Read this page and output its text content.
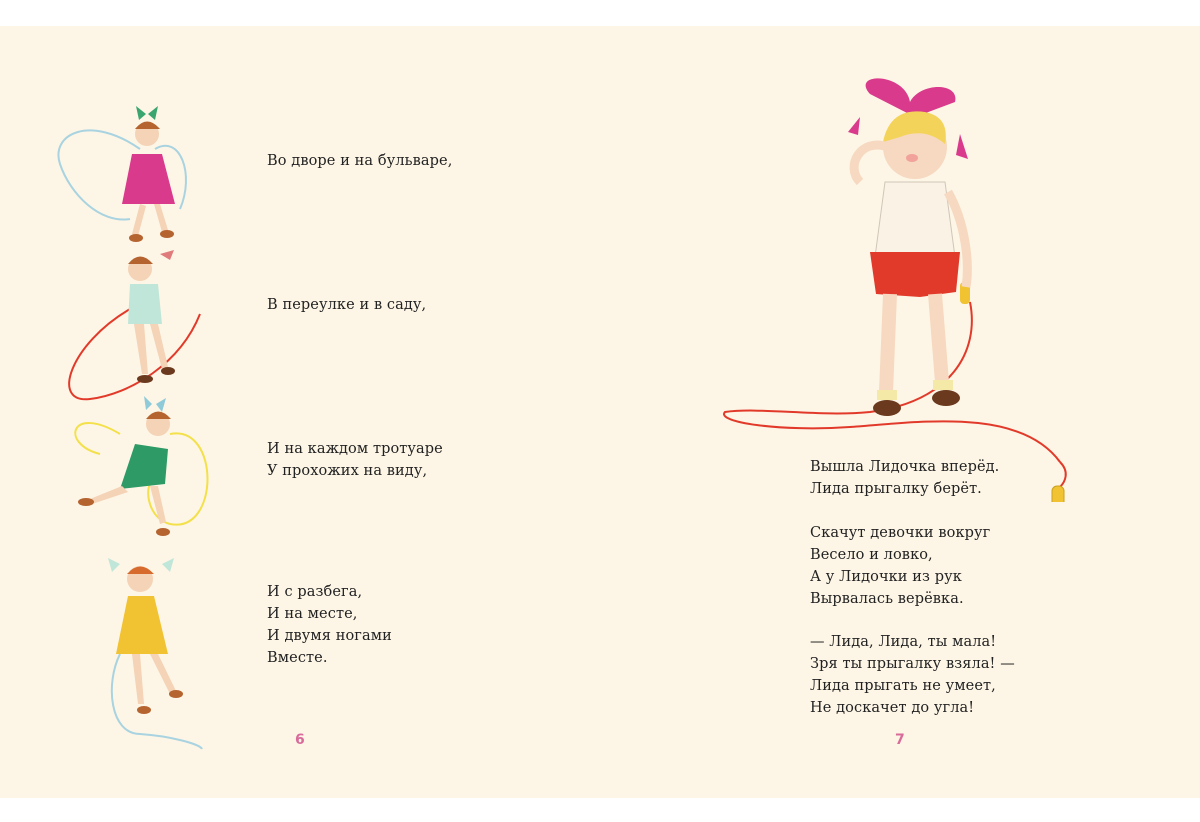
Во дворе и на бульваре,
В переулке и в саду,
И на каждом тротуаре
У прохожих на виду,
И с разбега,
И на месте,
И двумя ногами
Вместе.
6
Вышла Лидочка вперёд.
Лида прыгалку берёт.
Скачут девочки вокруг
Весело и ловко,
А у Лидочки из рук
Вырвалась верёвка.
— Лида, Лида, ты мала!
Зря ты прыгалку взяла! —
Лида прыгать не умеет,
Не доскачет до угла!
7
